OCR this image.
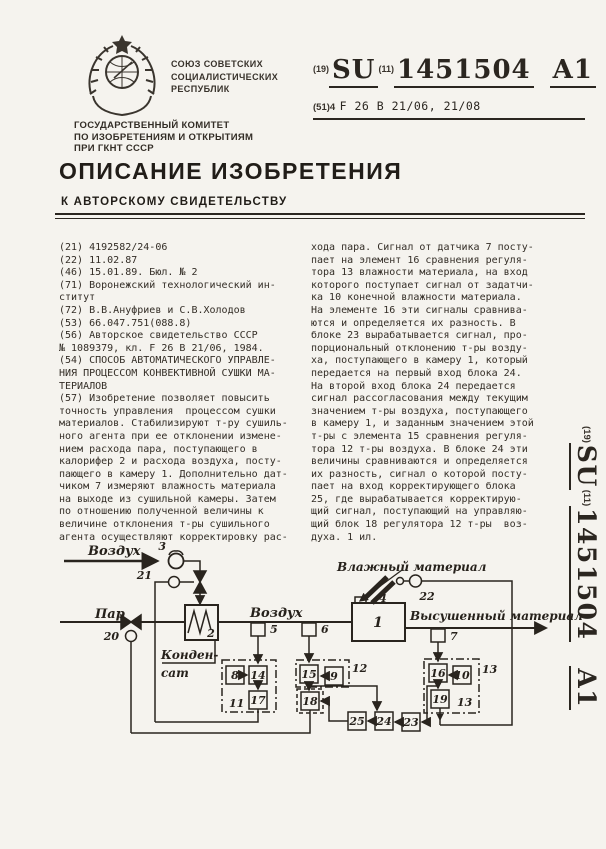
СОЮЗ СОВЕТСКИХ
СОЦИАЛИСТИЧЕСКИХ
РЕСПУБЛИК
$^{(19)}$ SU $^{(11)}$ 1451504 A1
(51)4 F 26 B 21/06, 21/08
ГОСУДАРСТВЕННЫЙ КОМИТЕТ
ПО ИЗОБРЕТЕНИЯМ И ОТКРЫТИЯМ
ПРИ ГКНТ СССР
ОПИСАНИЕ ИЗОБРЕТЕНИЯ
К АВТОРСКОМУ СВИДЕТЕЛЬСТВУ
(21) 4192582/24-06
(22) 11.02.87
(46) 15.01.89. Бюл. № 2
(71) Воронежский технологический ин-
ститут
(72) В.В.Ануфриев и С.В.Холодов
(53) 66.047.751(088.8)
(56) Авторское свидетельство СССР
№ 1089379, кл. F 26 B 21/06, 1984.
(54) СПОСОБ АВТОМАТИЧЕСКОГО УПРАВЛЕ-
НИЯ ПРОЦЕССОМ КОНВЕКТИВНОЙ СУШКИ МА-
ТЕРИАЛОВ
(57) Изобретение позволяет повысить
точность управления  процессом сушки
материалов. Стабилизируют т-ру сушиль-
ного агента при ее отклонении измене-
нием расхода пара, поступающего в
калорифер 2 и расхода воздуха, посту-
пающего в камеру 1. Дополнительно дат-
чиком 7 измеряют влажность материала
на выходе из сушильной камеры. Затем
по отношению полученной величины к
величине отклонения т-ры сушильного
агента осуществляют корректировку рас-
хода пара. Сигнал от датчика 7 посту-
пает на элемент 16 сравнения регуля-
тора 13 влажности материала, на вход
которого поступает сигнал от задатчи-
ка 10 конечной влажности материала.
На элементе 16 эти сигналы сравнива-
ются и определяется их разность. В
блоке 23 вырабатывается сигнал, про-
порциональный отклонению т-ры возду-
ха, поступающего в камеру 1, который
передается на первый вход блока 24.
На второй вход блока 24 передается
сигнал рассогласования между текущим
значением т-ры воздуха, поступающего
в камеру 1, и заданным значением этой
т-ры с элемента 15 сравнения регуля-
тора 12 т-ры воздуха. В блоке 24 эти
величины сравниваются и определяется
их разность, сигнал о которой посту-
пает на вход корректирующего блока
25, где вырабатывается корректирую-
щий сигнал, поступающий на управляю-
щий блок 18 регулятора 12 т-ры  воз-
духа. 1 ил.
$^{(19)}$SU$^{(11)}$1451504A1
Воздух
Пар
Конден-
сат
Воздух
Влажный материал
Высушенный материал
1
2
3
4
5	6
7
8	9	10
11
12	13
13
14	15	16
17	18	19
20
21
22
23
24
25
